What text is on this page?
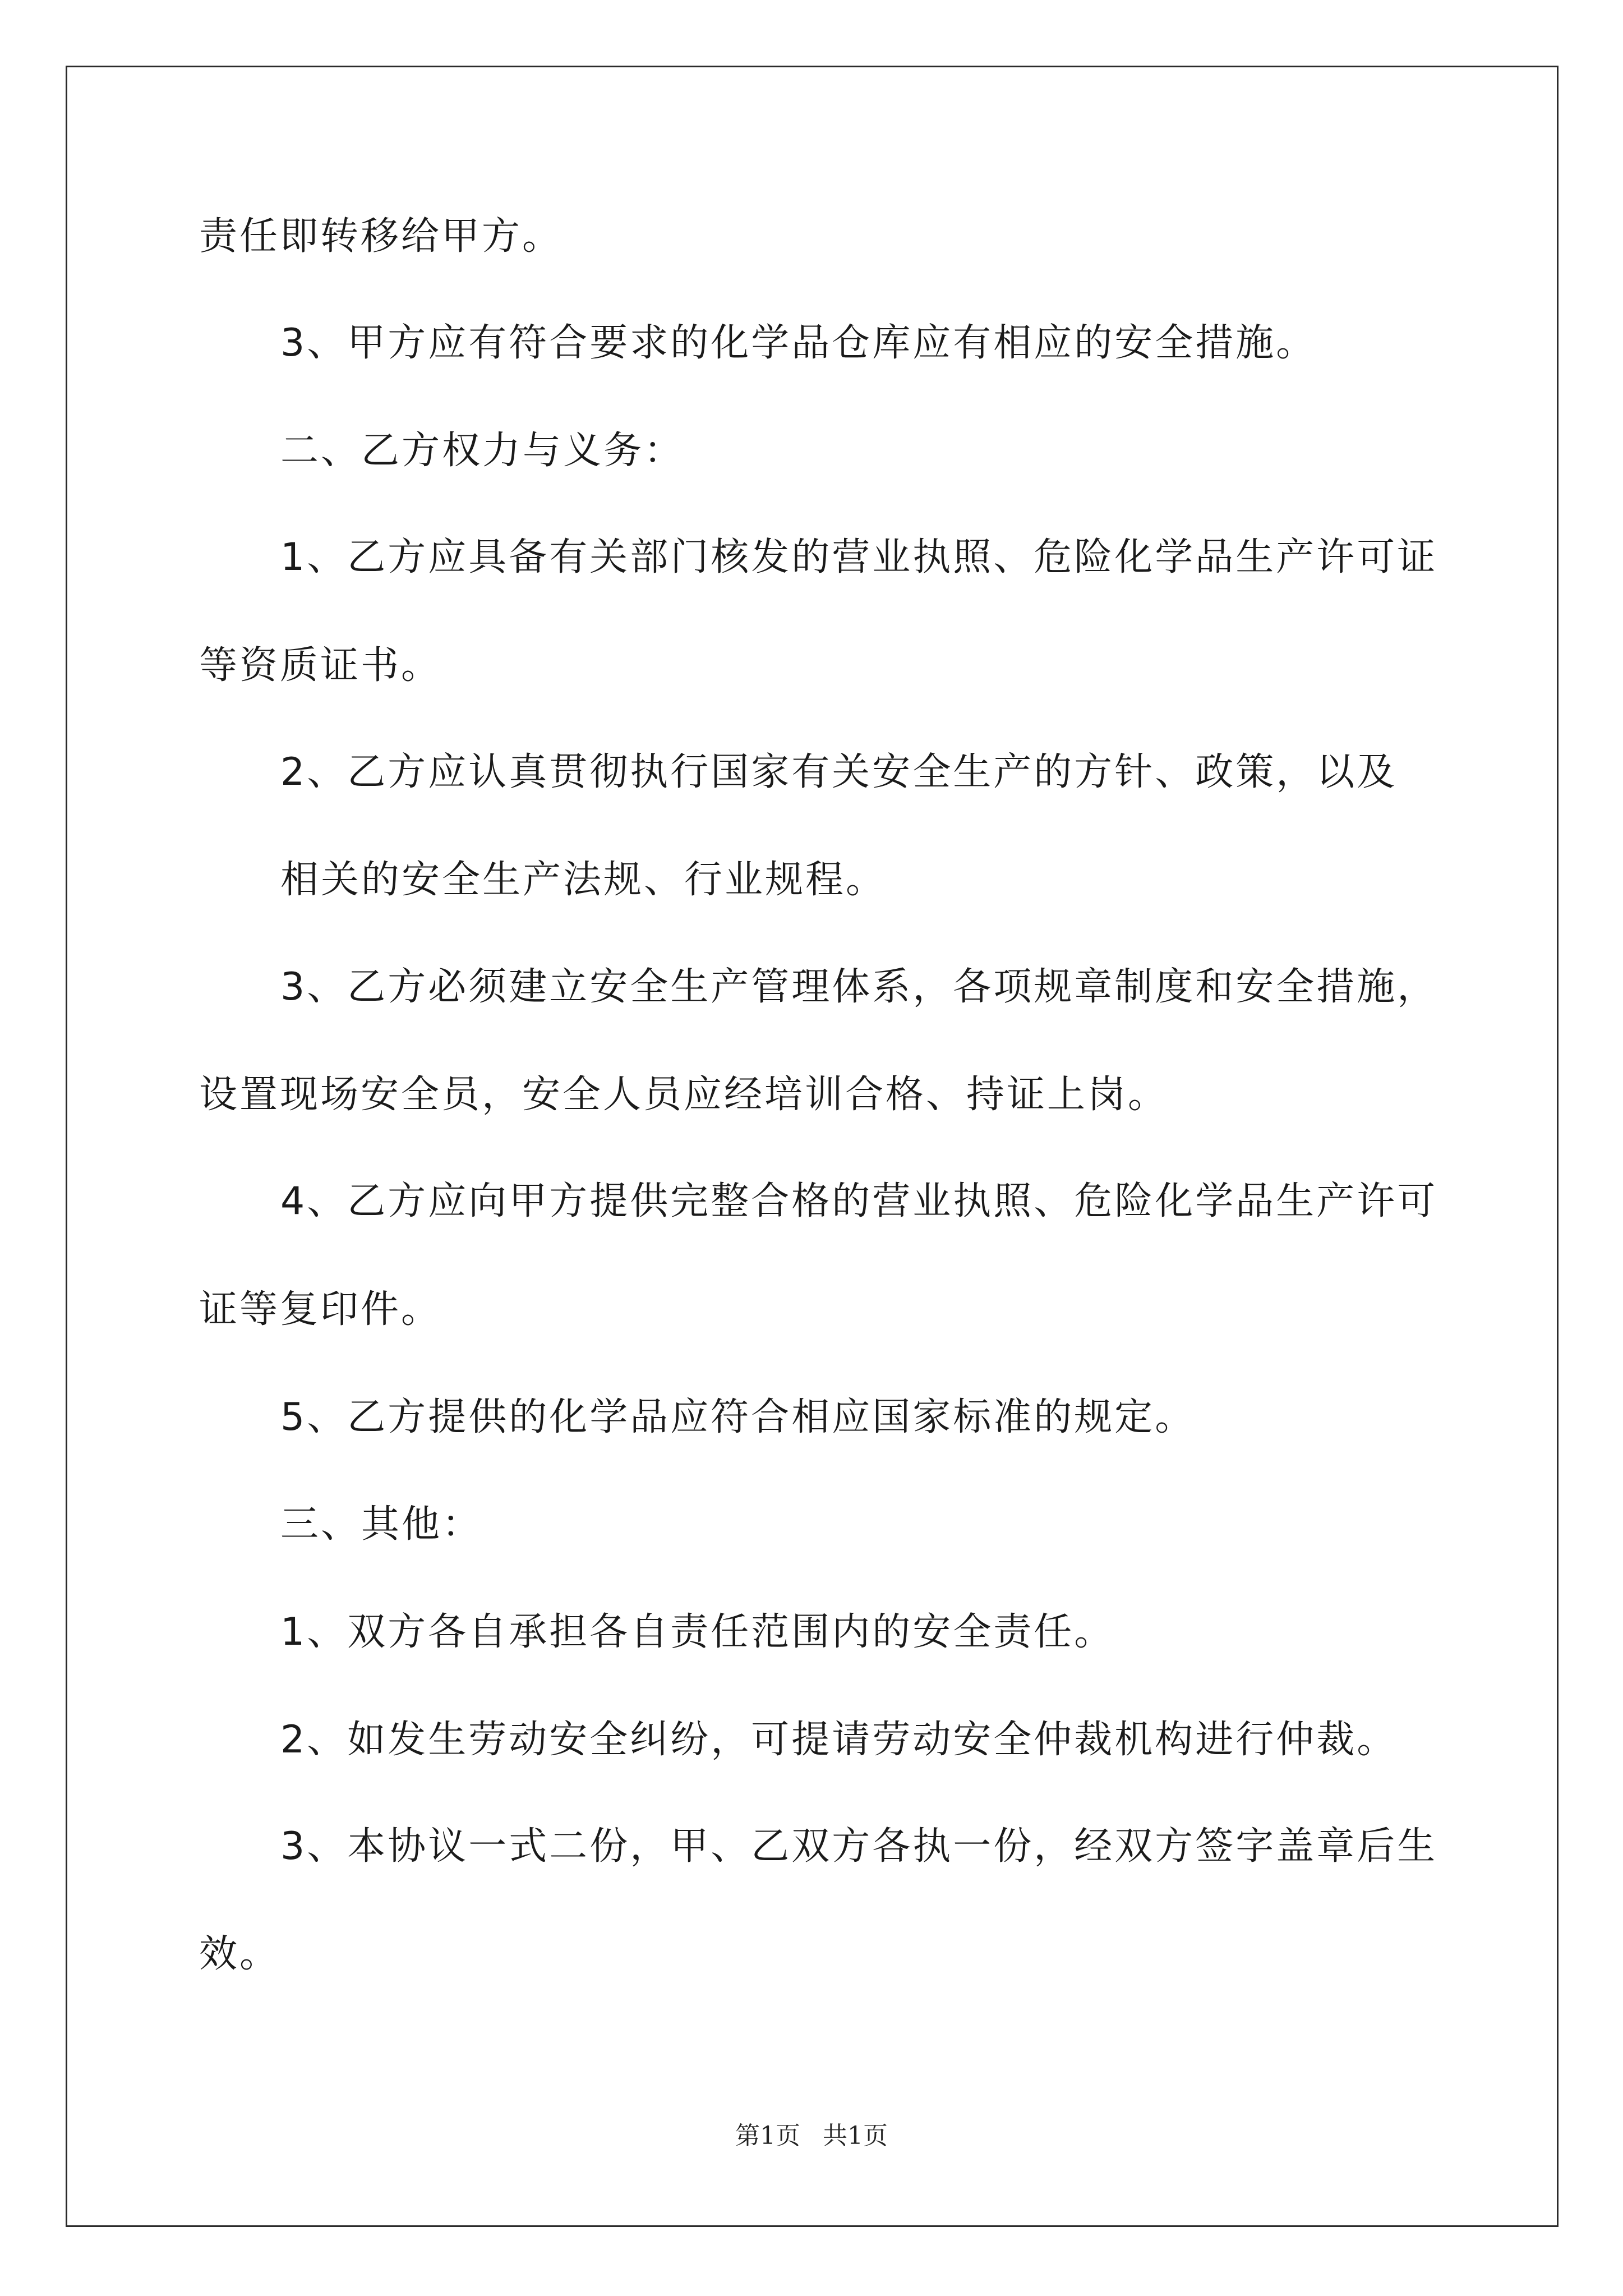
责任即转移给甲方。
3、甲方应有符合要求的化学品仓库应有相应的安全措施。
二、乙方权力与义务：
1、乙方应具备有关部门核发的营业执照、危险化学品生产许可证
等资质证书。
2、乙方应认真贯彻执行国家有关安全生产的方针、政策，以及
相关的安全生产法规、行业规程。
3、乙方必须建立安全生产管理体系，各项规章制度和安全措施，
设置现场安全员，安全人员应经培训合格、持证上岗。
4、乙方应向甲方提供完整合格的营业执照、危险化学品生产许可
证等复印件。
5、乙方提供的化学品应符合相应国家标准的规定。
三、其他：
1、双方各自承担各自责任范围内的安全责任。
2、如发生劳动安全纠纷，可提请劳动安全仲裁机构进行仲裁。
3、本协议一式二份，甲、乙双方各执一份，经双方签字盖章后生
效。
第1页 共1页
